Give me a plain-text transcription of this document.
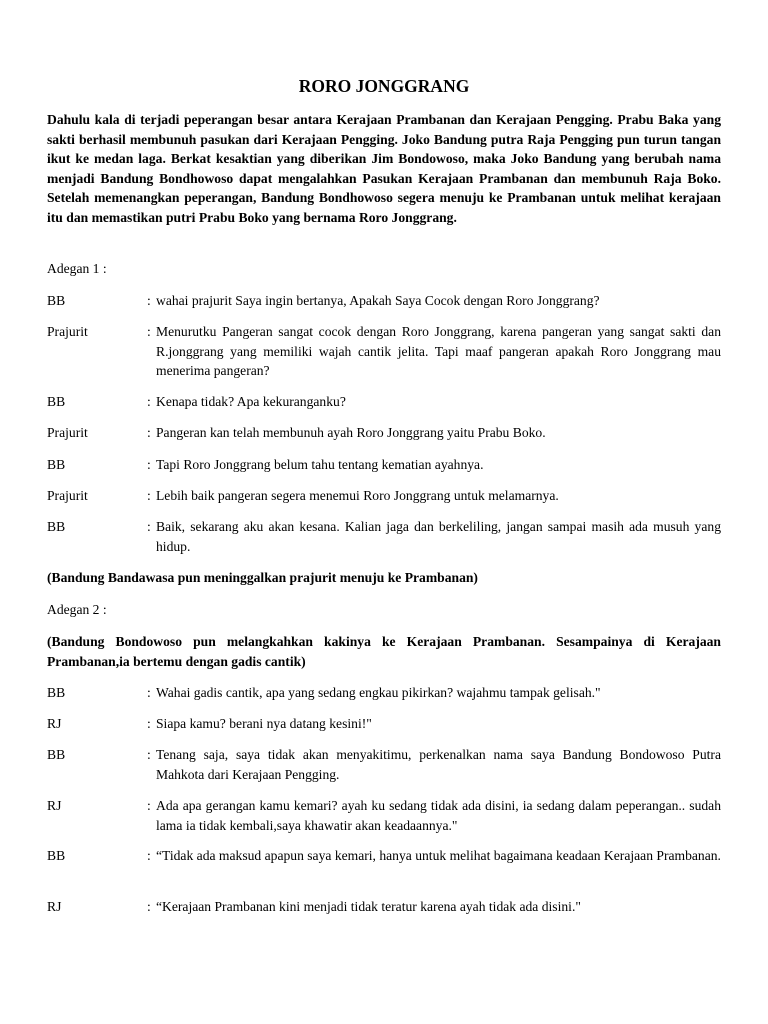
RORO JONGGRANG
Dahulu kala di terjadi peperangan besar antara Kerajaan Prambanan dan Kerajaan Pengging. Prabu Baka yang sakti berhasil membunuh pasukan dari Kerajaan Pengging. Joko Bandung putra Raja Pengging pun turun tangan ikut ke medan laga. Berkat kesaktian yang diberikan Jim Bondowoso, maka Joko Bandung yang berubah nama menjadi Bandung Bondhowoso dapat mengalahkan Pasukan Kerajaan Prambanan dan membunuh Raja Boko. Setelah memenangkan peperangan, Bandung Bondhowoso segera menuju ke Prambanan untuk melihat kerajaan itu dan memastikan putri Prabu Boko yang bernama Roro Jonggrang.
Adegan 1 :
BB	: wahai prajurit Saya ingin bertanya, Apakah Saya Cocok dengan Roro Jonggrang?
Prajurit	: Menurutku Pangeran sangat cocok dengan Roro Jonggrang, karena pangeran yang sangat sakti dan R.jonggrang yang memiliki wajah cantik jelita. Tapi maaf pangeran apakah Roro Jonggrang mau menerima pangeran?
BB	: Kenapa tidak? Apa kekuranganku?
Prajurit	: Pangeran kan telah membunuh ayah Roro Jonggrang yaitu Prabu Boko.
BB	: Tapi Roro Jonggrang belum tahu tentang kematian ayahnya.
Prajurit	: Lebih baik pangeran segera menemui Roro Jonggrang untuk melamarnya.
BB	: Baik, sekarang aku akan kesana. Kalian jaga dan berkeliling, jangan sampai masih ada musuh yang hidup.
(Bandung Bandawasa pun meninggalkan prajurit menuju ke Prambanan)
Adegan 2 :
(Bandung Bondowoso pun melangkahkan kakinya ke Kerajaan Prambanan. Sesampainya di Kerajaan Prambanan,ia bertemu dengan gadis cantik)
BB	: Wahai gadis cantik, apa yang sedang engkau pikirkan? wajahmu tampak gelisah."
RJ	: Siapa kamu? berani nya datang kesini!"
BB	: Tenang saja, saya tidak akan menyakitimu, perkenalkan nama saya Bandung Bondowoso Putra Mahkota dari Kerajaan Pengging.
RJ	: Ada apa gerangan kamu kemari? ayah ku sedang tidak ada disini, ia sedang dalam peperangan.. sudah lama ia tidak kembali,saya khawatir akan keadaannya."
BB	: “Tidak ada maksud apapun saya kemari, hanya untuk melihat bagaimana keadaan Kerajaan Prambanan.
RJ	: “Kerajaan Prambanan kini menjadi tidak teratur karena ayah tidak ada disini."
